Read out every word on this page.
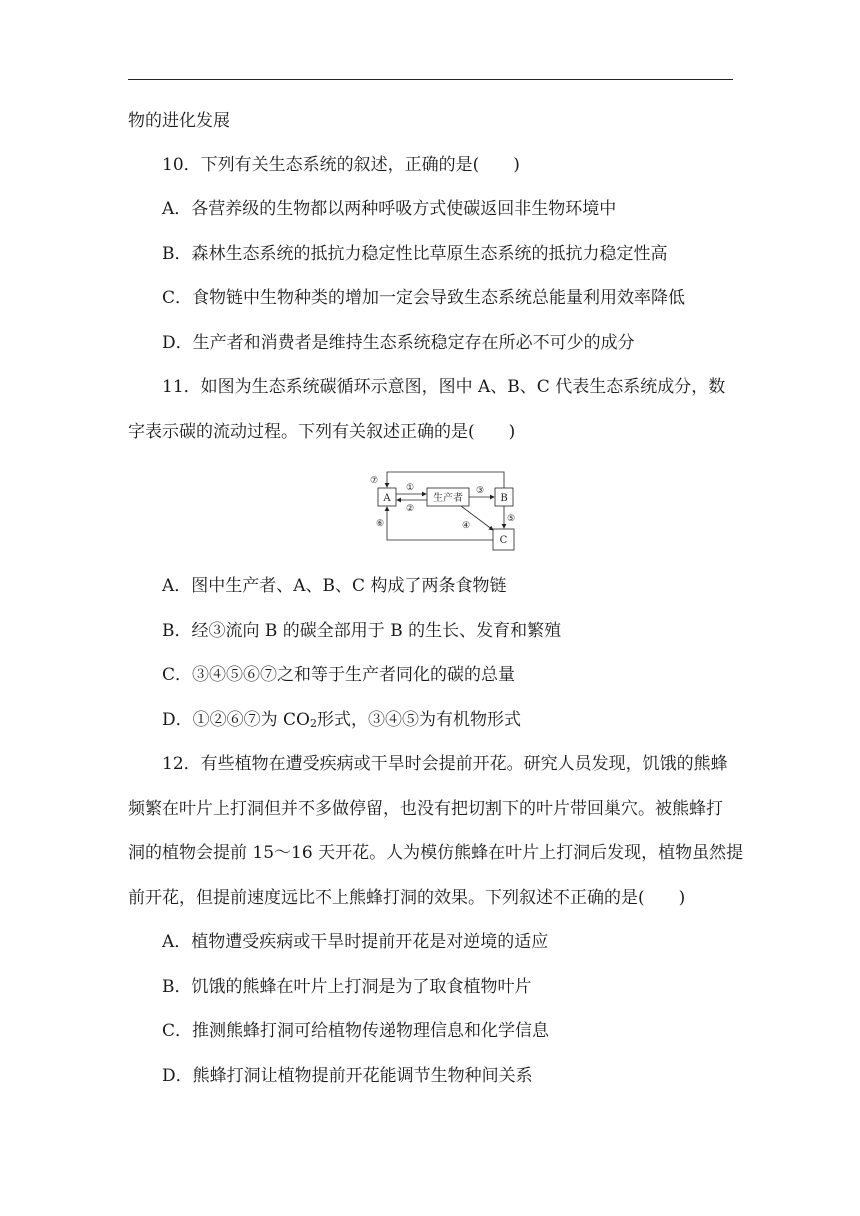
物的进化发展
10．下列有关生态系统的叙述，正确的是(　　)
A．各营养级的生物都以两种呼吸方式使碳返回非生物环境中
B．森林生态系统的抵抗力稳定性比草原生态系统的抵抗力稳定性高
C．食物链中生物种类的增加一定会导致生态系统总能量利用效率降低
D．生产者和消费者是维持生态系统稳定存在所必不可少的成分
11．如图为生态系统碳循环示意图，图中 A、B、C 代表生态系统成分，数
字表示碳的流动过程。下列有关叙述正确的是(　　)
A	生产者	B
C
⑦
①
②
③
④
⑤
⑥
A．图中生产者、A、B、C 构成了两条食物链
B．经③流向 B 的碳全部用于 B 的生长、发育和繁殖
C．③④⑤⑥⑦之和等于生产者同化的碳的总量
D．①②⑥⑦为 $CO_2$形式，③④⑤为有机物形式
12．有些植物在遭受疾病或干旱时会提前开花。研究人员发现，饥饿的熊蜂
频繁在叶片上打洞但并不多做停留，也没有把切割下的叶片带回巢穴。被熊蜂打
洞的植物会提前 15～16 天开花。人为模仿熊蜂在叶片上打洞后发现，植物虽然提
前开花，但提前速度远比不上熊蜂打洞的效果。下列叙述不正确的是(　　)
A．植物遭受疾病或干旱时提前开花是对逆境的适应
B．饥饿的熊蜂在叶片上打洞是为了取食植物叶片
C．推测熊蜂打洞可给植物传递物理信息和化学信息
D．熊蜂打洞让植物提前开花能调节生物种间关系
